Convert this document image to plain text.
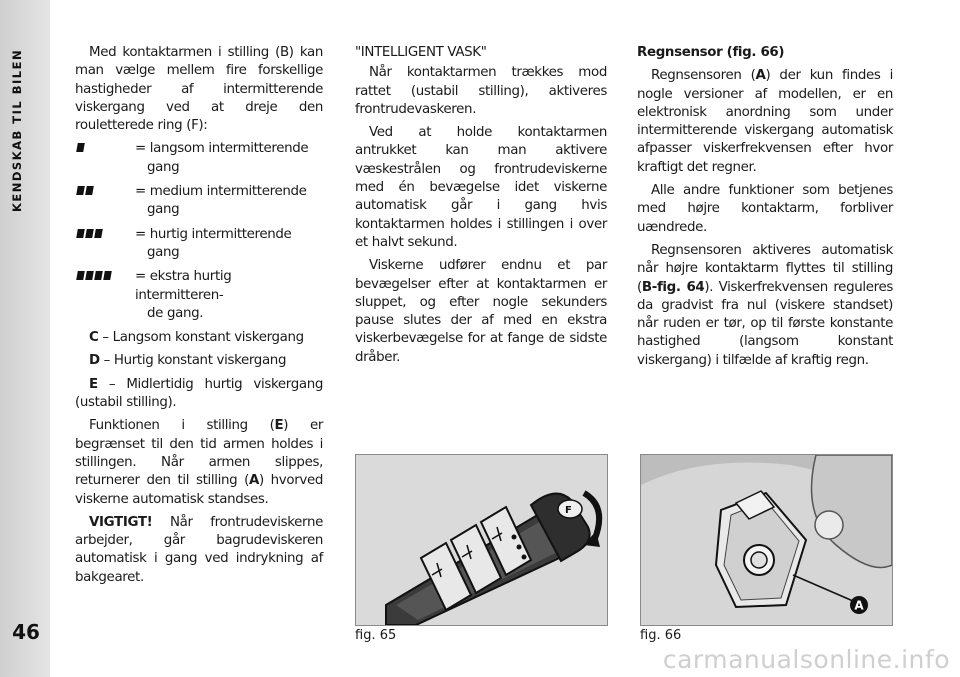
KENDSKAB TIL BILEN
46

Med kontaktarmen i stilling (B) kan man vælge mellem fire forskellige hastigheder af intermitterende viskergang ved at dreje den rouletterede ring (F):

= langsom intermitterende
gang
= medium intermitterende
gang
= hurtig intermitterende
gang
= ekstra hurtig intermitteren-
de gang.

C – Langsom konstant viskergang

D – Hurtig konstant viskergang

E – Midlertidig hurtig viskergang (ustabil stilling).

Funktionen i stilling (E) er begrænset til den tid armen holdes i stillingen. Når armen slippes, returnerer den til stilling (A) hvorved viskerne automatisk standses.

VIGTIGT! Når frontrudeviskerne arbejder, går bagrudeviskeren automatisk i gang ved indrykning af bakgearet.

"INTELLIGENT VASK"

Når kontaktarmen trækkes mod rattet (ustabil stilling), aktiveres frontrudevaskeren.

Ved at holde kontaktarmen antrukket kan man aktivere væskestrålen og frontrudeviskerne med én bevægelse idet viskerne automatisk går i gang hvis kontaktarmen holdes i stillingen i over et halvt sekund.

Viskerne udfører endnu et par bevægelser efter at kontaktarmen er sluppet, og efter nogle sekunders pause slutes der af med en ekstra viskerbevægelse for at fange de sidste dråber.

Regnsensor (fig. 66)

Regnsensoren (A) der kun findes i nogle versioner af modellen, er en elektronisk anordning som under intermitterende viskergang automatisk afpasser viskerfrekvensen efter hvor kraftigt det regner.

Alle andre funktioner som betjenes med højre kontaktarm, forbliver uændrede.

Regnsensoren aktiveres automatisk når højre kontaktarm flyttes til stilling (B-fig. 64). Viskerfrekvensen reguleres da gradvist fra nul (viskere standset) når ruden er tør, op til første konstante hastighed (langsom konstant viskergang) i tilfælde af kraftig regn.

F
A
fig. 65	fig. 66
carmanualsonline.info
